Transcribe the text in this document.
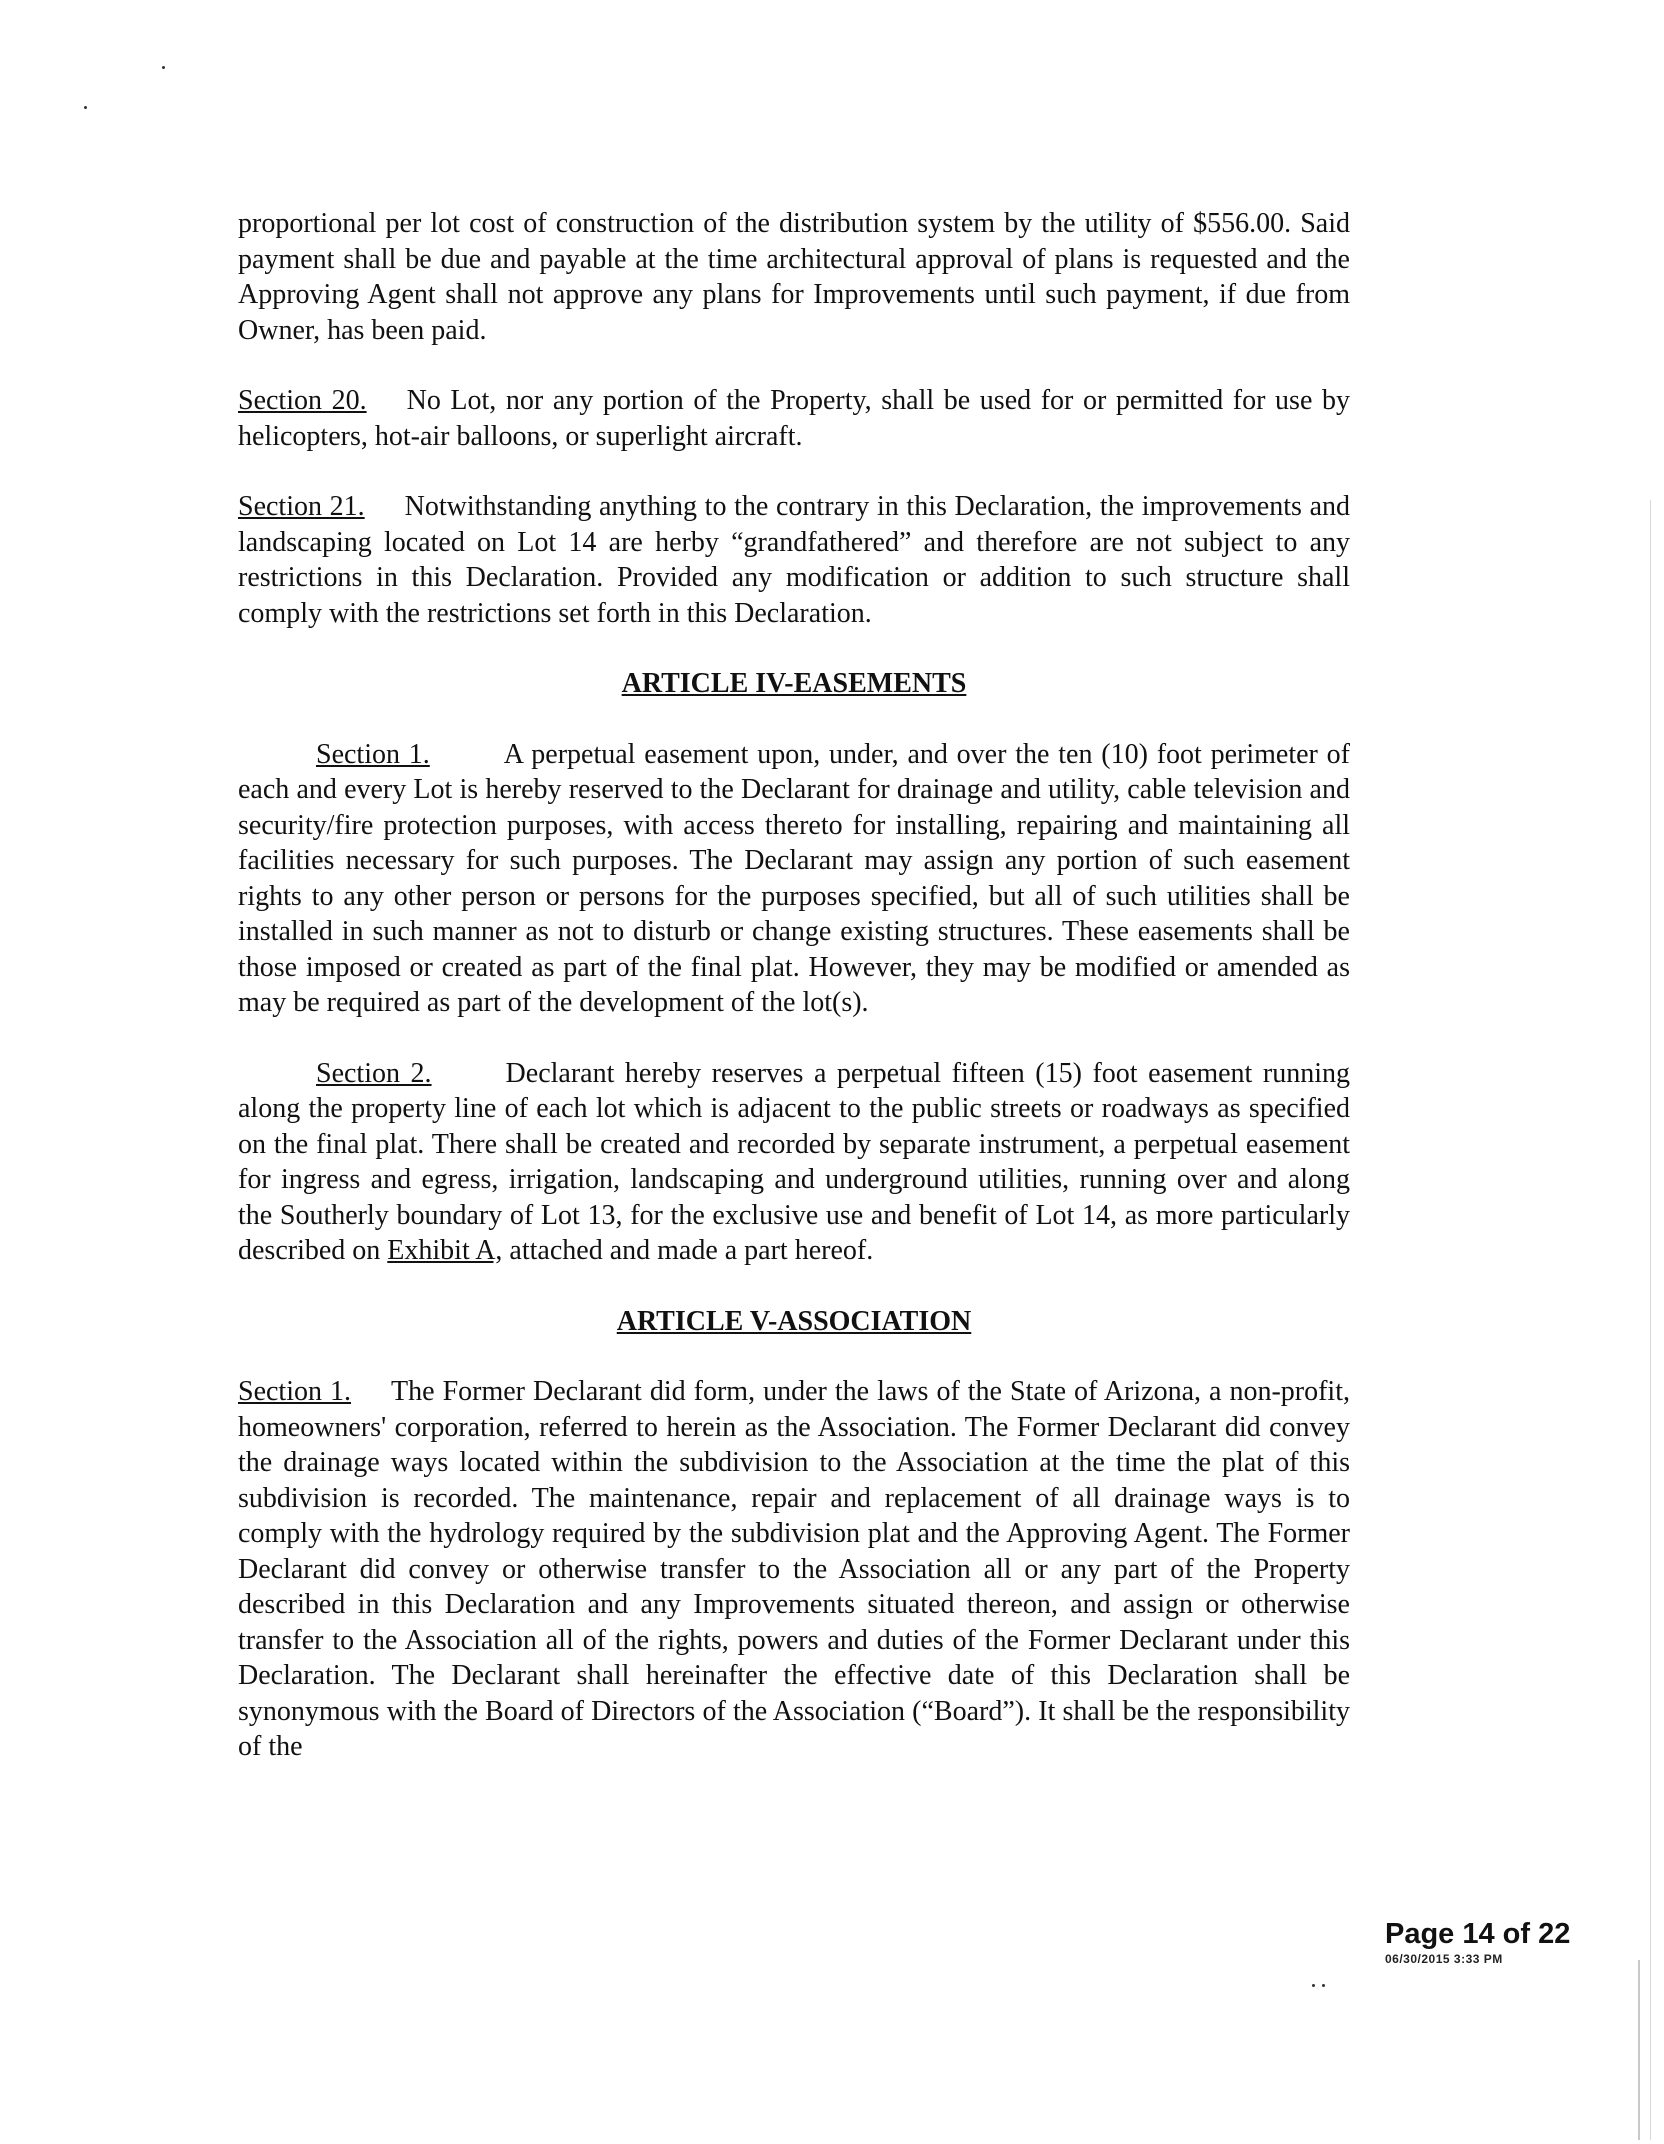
proportional per lot cost of construction of the distribution system by the utility of $556.00. Said payment shall be due and payable at the time architectural approval of plans is requested and the Approving Agent shall not approve any plans for Improvements until such payment, if due from Owner, has been paid.

Section 20. No Lot, nor any portion of the Property, shall be used for or permitted for use by helicopters, hot-air balloons, or superlight aircraft.

Section 21. Notwithstanding anything to the contrary in this Declaration, the improvements and landscaping located on Lot 14 are herby “grandfathered” and therefore are not subject to any restrictions in this Declaration. Provided any modification or addition to such structure shall comply with the restrictions set forth in this Declaration.

ARTICLE IV-EASEMENTS

Section 1.	A perpetual easement upon, under, and over the ten (10) foot perimeter of each and every Lot is hereby reserved to the Declarant for drainage and utility, cable television and security/fire protection purposes, with access thereto for installing, repairing and maintaining all facilities necessary for such purposes. The Declarant may assign any portion of such easement rights to any other person or persons for the purposes specified, but all of such utilities shall be installed in such manner as not to disturb or change existing structures. These easements shall be those imposed or created as part of the final plat. However, they may be modified or amended as may be required as part of the development of the lot(s).

Section 2.	Declarant hereby reserves a perpetual fifteen (15) foot easement running along the property line of each lot which is adjacent to the public streets or roadways as specified on the final plat. There shall be created and recorded by separate instrument, a perpetual easement for ingress and egress, irrigation, landscaping and underground utilities, running over and along the Southerly boundary of Lot 13, for the exclusive use and benefit of Lot 14, as more particularly described on Exhibit A, attached and made a part hereof.

ARTICLE V-ASSOCIATION

Section 1. The Former Declarant did form, under the laws of the State of Arizona, a non-profit, homeowners' corporation, referred to herein as the Association. The Former Declarant did convey the drainage ways located within the subdivision to the Association at the time the plat of this subdivision is recorded. The maintenance, repair and replacement of all drainage ways is to comply with the hydrology required by the subdivision plat and the Approving Agent. The Former Declarant did convey or otherwise transfer to the Association all or any part of the Property described in this Declaration and any Improvements situated thereon, and assign or otherwise transfer to the Association all of the rights, powers and duties of the Former Declarant under this Declaration. The Declarant shall hereinafter the effective date of this Declaration shall be synonymous with the Board of Directors of the Association (“Board”). It shall be the responsibility of the

Page 14 of 22

06/30/2015 3:33 PM
